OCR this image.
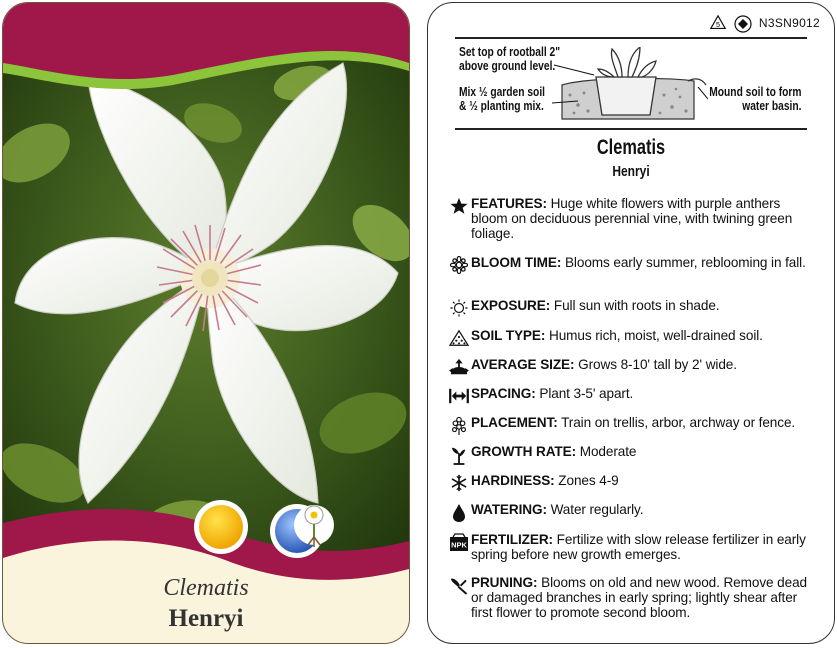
Clematis
Henryi
5	N3SN9012
Set top of rootball 2"
above ground level.
Mix ½ garden soil
& ½ planting mix.
Mound soil to form
water basin.
Clematis
Henryi
FEATURES: Huge white flowers with purple anthers bloom on deciduous perennial vine, with twining green foliage.
BLOOM TIME: Blooms early summer, reblooming in fall.
EXPOSURE: Full sun with roots in shade.
SOIL TYPE: Humus rich, moist, well-drained soil.
AVERAGE SIZE: Grows 8-10' tall by 2' wide.
SPACING: Plant 3-5' apart.
PLACEMENT: Train on trellis, arbor, archway or fence.
GROWTH RATE: Moderate
HARDINESS: Zones 4-9
WATERING: Water regularly.
NPK FERTILIZER: Fertilize with slow release fertilizer in early spring before new growth emerges.
PRUNING: Blooms on old and new wood. Remove dead or damaged branches in early spring; lightly shear after first flower to promote second bloom.
